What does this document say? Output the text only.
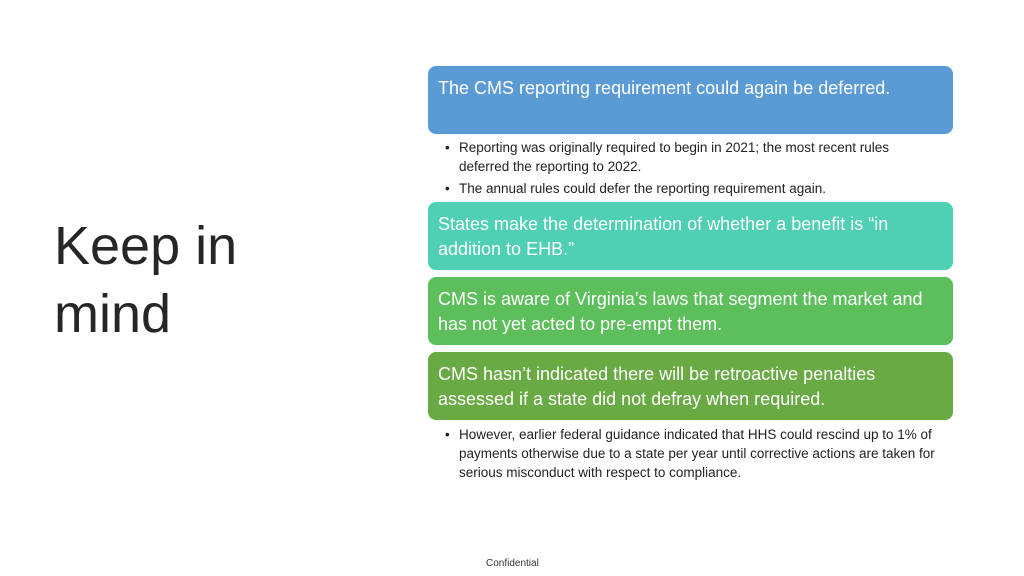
Keep in mind
The CMS reporting requirement could again be deferred.
• Reporting was originally required to begin in 2021; the most recent rules deferred the reporting to 2022.
• The annual rules could defer the reporting requirement again.
States make the determination of whether a benefit is “in addition to EHB.”
CMS is aware of Virginia’s laws that segment the market and has not yet acted to pre-empt them.
CMS hasn’t indicated there will be retroactive penalties assessed if a state did not defray when required.
• However, earlier federal guidance indicated that HHS could rescind up to 1% of payments otherwise due to a state per year until corrective actions are taken for serious misconduct with respect to compliance.
Confidential
